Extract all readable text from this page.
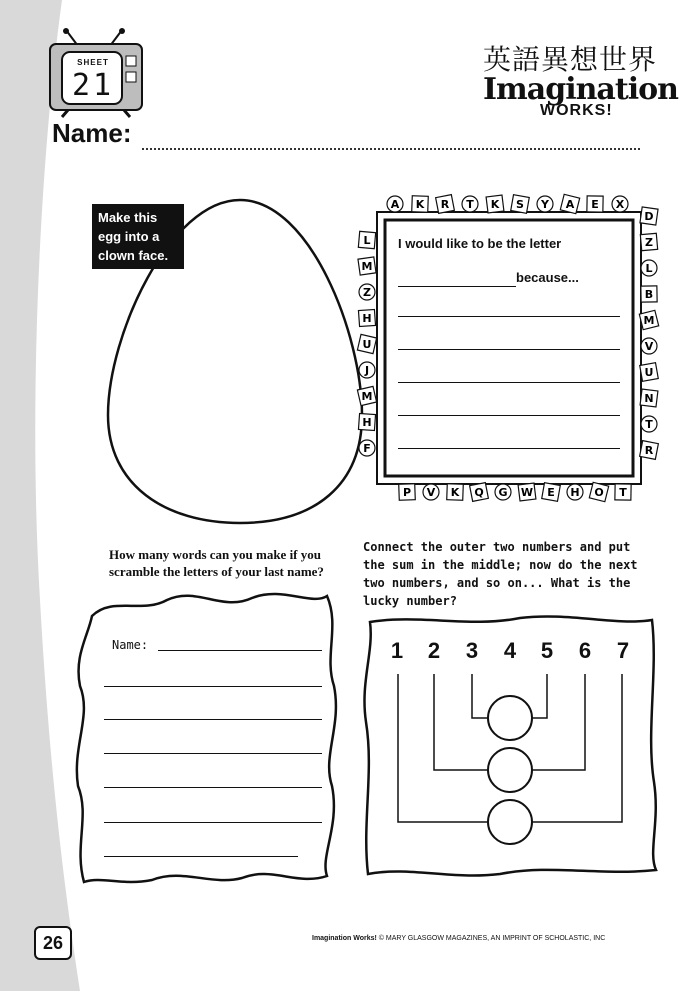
SHEET
21
Name:
英語異想世界
Imagination
WORKS!
Make this egg into a clown face.
A K R T K S Y A E X
L
M
Z
H
U
J
M
H
F
D
Z
L
B
M
V
U
N
T
R
P V K Q G W E H O T
I would like to be the letter
because...
How many words can you make if you scramble the letters of your last name?
Name:
Connect the outer two numbers and put the sum in the middle; now do the next two numbers, and so on... What is the lucky number?
1	2	3	4	5	6	7
26	Imagination Works! © MARY GLASGOW MAGAZINES, AN IMPRINT OF SCHOLASTIC, INC
